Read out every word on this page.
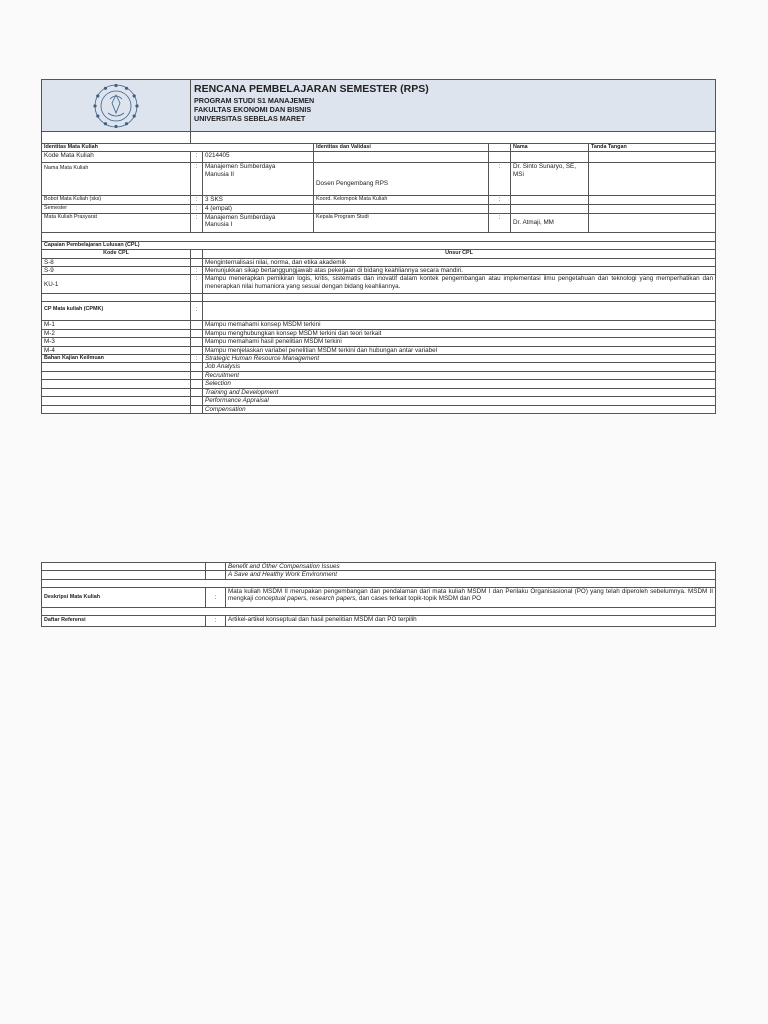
RENCANA PEMBELAJARAN SEMESTER (RPS)
PROGRAM STUDI S1 MANAJEMEN
FAKULTAS EKONOMI DAN BISNIS
UNIVERSITAS SEBELAS MARET					

Identitas Mata Kuliah			Identitas dan Validasi		Nama	Tanda Tangan
Kode Mata Kuliah	:	0214405				
Nama Mata Kuliah	:	Manajemen Sumberdaya Manusia II	Dosen Pengembang RPS	:	Dr. Sinto Sunaryo, SE, MSi	
Bobot Mata Kuliah (sks)	:	3 SKS	Koord. Kelompok Mata Kuliah	:		
Semester	:	4 (empat)				
Mata Kuliah Prasyarat	:	Manajemen Sumberdaya Manusia I	Kepala Program Studi	:	Dr. Atmaji, MM	

Capaian Pembelajaran Lulusan (CPL)						
Kode CPL		Unsur CPL				
S-8		Menginternalisasi nilai, norma, dan etika akademik				
S-9	:	Menunjukkan sikap bertanggungjawab atas pekerjaan di bidang keahliannya secara mandiri.				
KU-1	:	Mampu menerapkan pemikiran logis, kritis, sistematis dan inovatif dalam kontek pengembangan atau implementasi ilmu pengetahuan dan teknologi yang memperhatikan dan menerapkan nilai humaniora yang sesuai dengan bidang keahliannya.				

CP Mata kuliah (CPMK)	:					
M-1		Mampu memahami konsep MSDM terkini				
M-2		Mampu menghubungkan konsep MSDM terkini dan teori terkait				
M-3		Mampu memahami hasil penelitian MSDM terkini				
M-4		Mampu menjelaskan variabel penelitian MSDM terkini dan hubungan antar variabel				
Bahan Kajian Keilmuan	:	Strategic Human Resource Management				
		Job Analysis				
		Recruitment				
		Selection				
		Training and Development				
		Performance Appraisal				
		Compensation				
		Benefit and Other Compensation Issues
		A Save and Healthy Work Environment

Deskripsi Mata Kuliah	:	Mata kuliah MSDM II merupakan pengembangan dan pendalaman dari mata kuliah MSDM I dan Perilaku Organisasional (PO) yang telah diperoleh sebelumnya. MSDM II mengkaji conceptual papers, research papers, dan cases terkait topik-topik MSDM dan PO

Daftar Referensi	:	Artikel-artikel konseptual dan hasil penelitian MSDM dan PO terpilih
